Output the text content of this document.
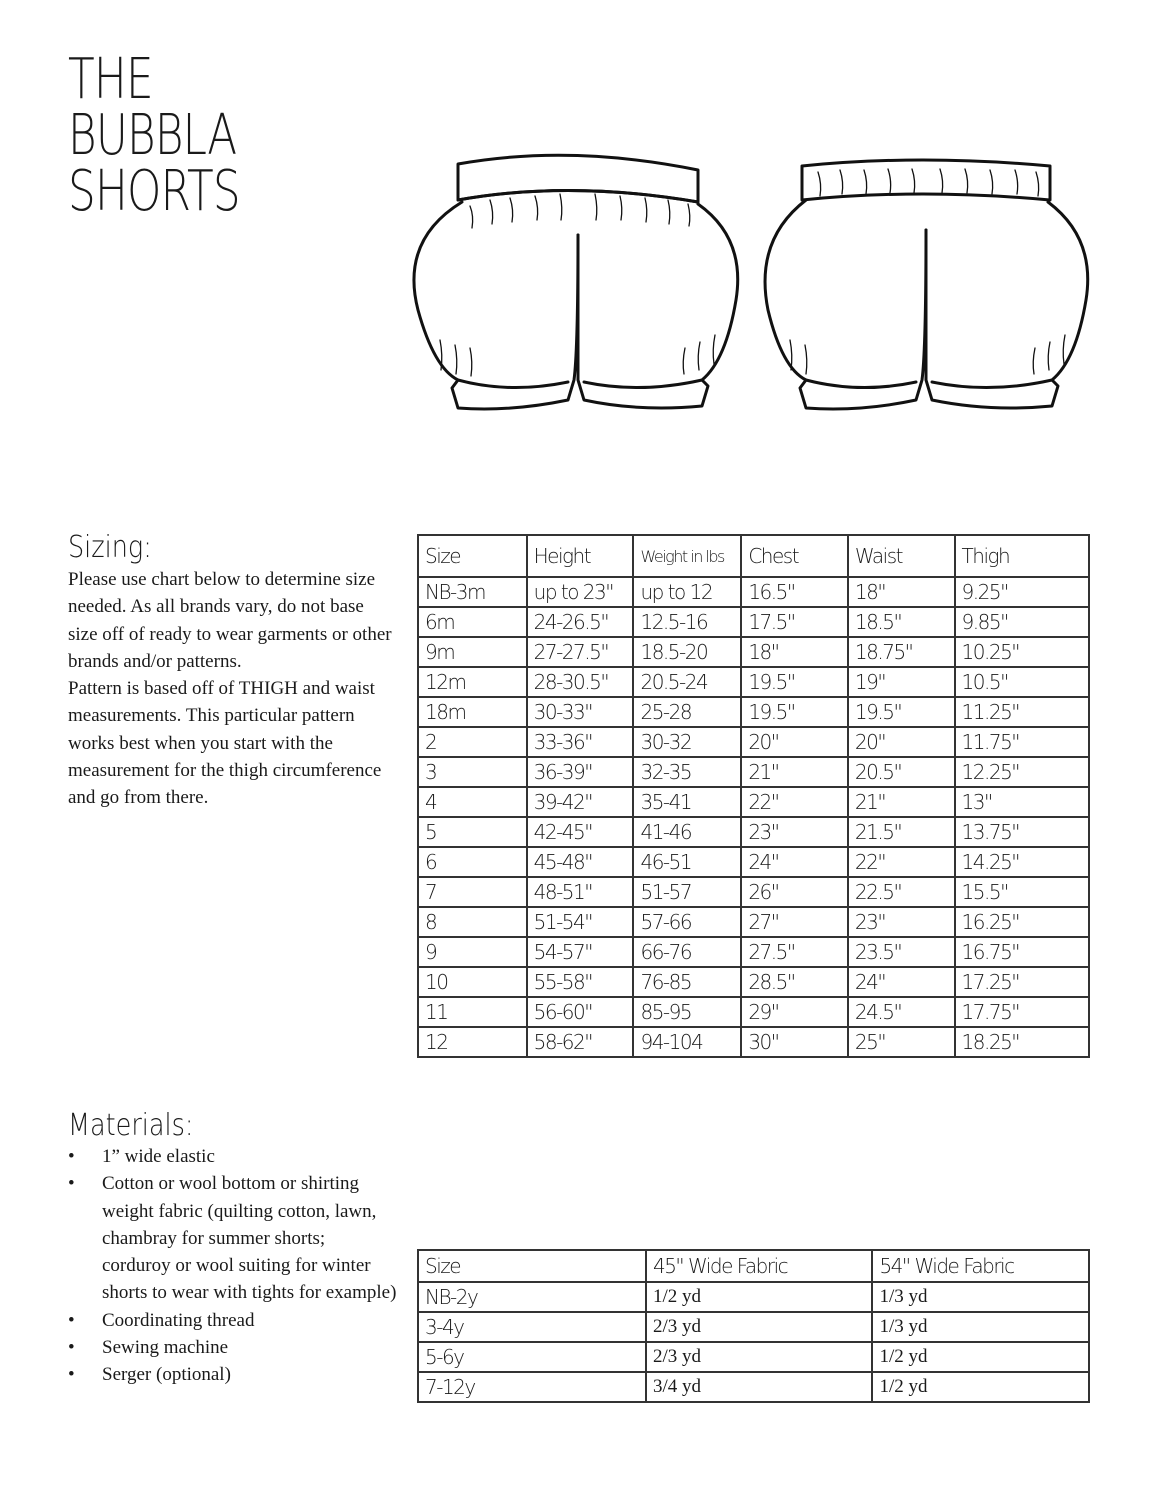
THE
BUBBLA
SHORTS
Sizing:

Please use chart below to determine size needed. As all brands vary, do not base size off of ready to wear garments or other brands and/or patterns.

Pattern is based off of THIGH and waist measurements. This particular pattern works best when you start with the measurement for the thigh circumference and go from there.

Size	Height	Weight in lbs	Chest	Waist	Thigh
NB-3m	up to 23"	up to 12	16.5"	18"	9.25"
6m	24-26.5"	12.5-16	17.5"	18.5"	9.85"
9m	27-27.5"	18.5-20	18"	18.75"	10.25"
12m	28-30.5"	20.5-24	19.5"	19"	10.5"
18m	30-33"	25-28	19.5"	19.5"	11.25"
2	33-36"	30-32	20"	20"	11.75"
3	36-39"	32-35	21"	20.5"	12.25"
4	39-42"	35-41	22"	21"	13"
5	42-45"	41-46	23"	21.5"	13.75"
6	45-48"	46-51	24"	22"	14.25"
7	48-51"	51-57	26"	22.5"	15.5"
8	51-54"	57-66	27"	23"	16.25"
9	54-57"	66-76	27.5"	23.5"	16.75"
10	55-58"	76-85	28.5"	24"	17.25"
11	56-60"	85-95	29"	24.5"	17.75"
12	58-62"	94-104	30"	25"	18.25"
Materials:
• 1” wide elastic
• Cotton or wool bottom or shirting weight fabric (quilting cotton, lawn, chambray for summer shorts; corduroy or wool suiting for winter shorts to wear with tights for example)
• Coordinating thread
• Sewing machine
• Serger (optional)
Size	45" Wide Fabric	54" Wide Fabric
NB-2y	1/2 yd	1/3 yd
3-4y	2/3 yd	1/3 yd
5-6y	2/3 yd	1/2 yd
7-12y	3/4 yd	1/2 yd
